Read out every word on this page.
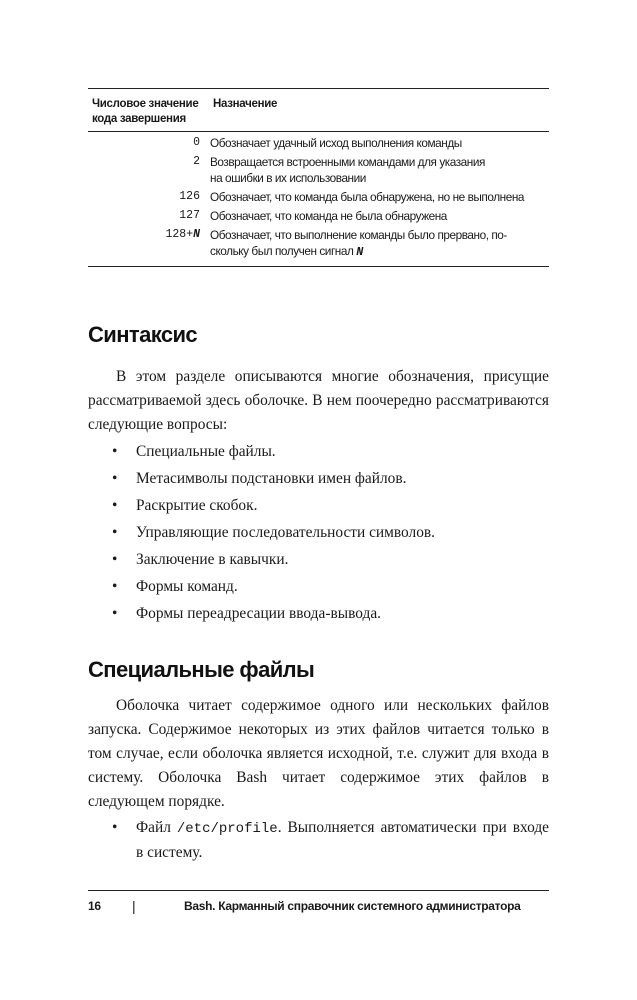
Числовое значение
кода завершения
Назначение
0 Обозначает удачный исход выполнения команды
2 Возвращается встроенными командами для указания
на ошибки в их использовании
126 Обозначает, что команда была обнаружена, но не выполнена
127 Обозначает, что команда не была обнаружена
128+N Обозначает, что выполнение команды было прервано, по-
скольку был получен сигнал N
Синтаксис

В этом разделе описываются многие обозначения, присущие рассматриваемой здесь оболочке. В нем поочередно рассматриваются следующие вопросы:

• Специальные файлы.
• Метасимволы подстановки имен файлов.
• Раскрытие скобок.
• Управляющие последовательности символов.
• Заключение в кавычки.
• Формы команд.
• Формы переадресации ввода-вывода.
Специальные файлы

Оболочка читает содержимое одного или нескольких файлов запуска. Содержимое некоторых из этих файлов читается только в том случае, если оболочка является исходной, т.е. служит для входа в систему. Оболочка Bash читает содержимое этих файлов в следующем порядке.

• Файл /etc/profile. Выполняется автоматически при входе в систему.
16	|	Bash. Карманный справочник системного администратора
